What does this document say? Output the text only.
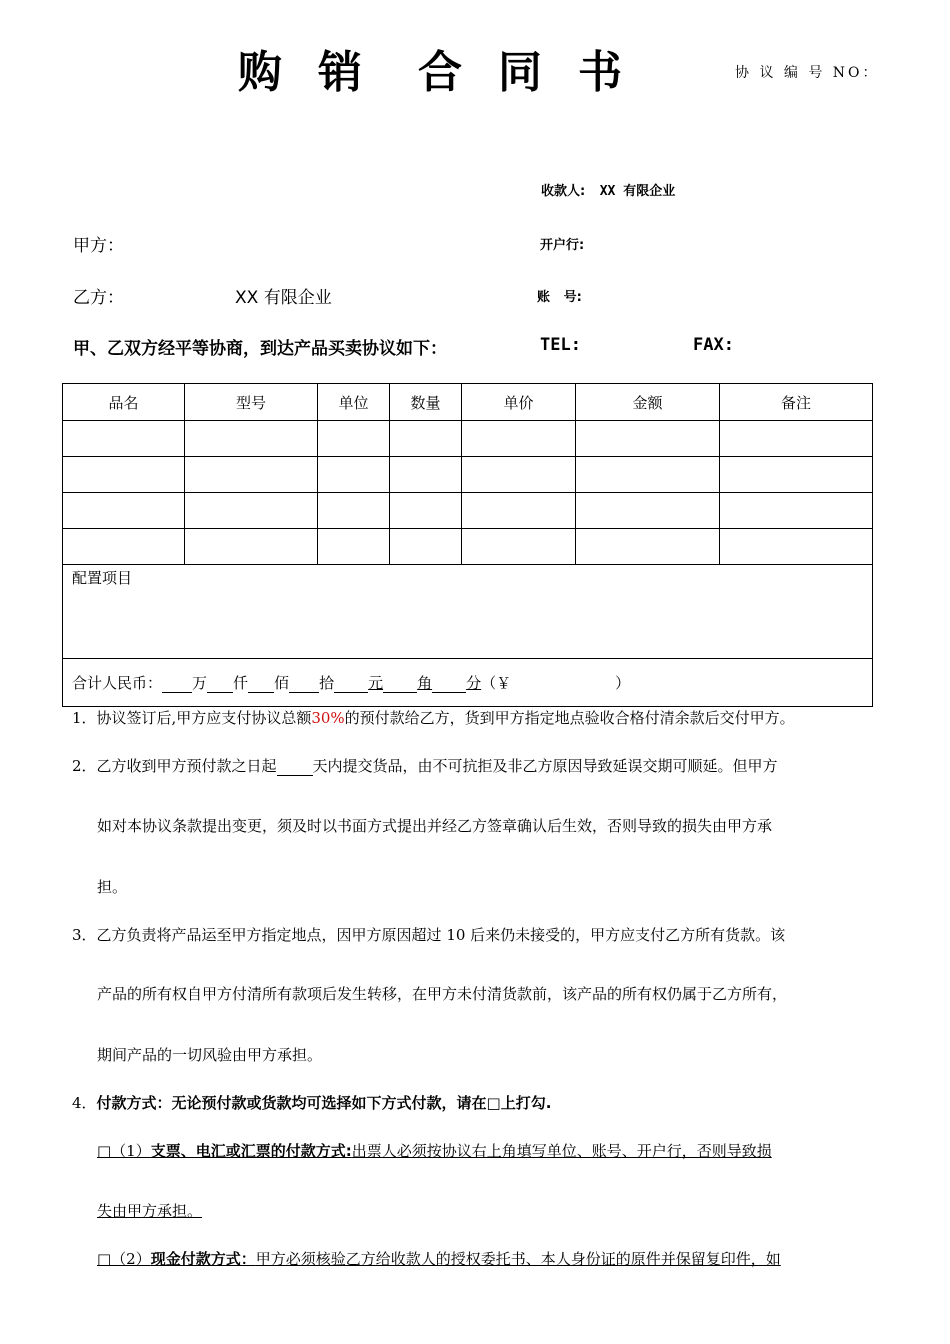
购销 合同书	协 议 编 号 NO：
收款人: XX 有限企业
开户行:
账   号:
甲方：
乙方：	XX 有限企业
甲、乙双方经平等协商，到达产品买卖协议如下：	TEL:	FAX:
品名	型号	单位	数量	单价	金额	备注

配置项目						
合计人民币： 万 仟 佰 拾 元 角 分（￥ ）						
1．协议签订后,甲方应支付协议总额30%的预付款给乙方，货到甲方指定地点验收合格付清余款后交付甲方。
2．乙方收到甲方预付款之日起 天内提交货品，由不可抗拒及非乙方原因导致延误交期可顺延。但甲方
如对本协议条款提出变更，须及时以书面方式提出并经乙方签章确认后生效，否则导致的损失由甲方承
担。
3．乙方负责将产品运至甲方指定地点，因甲方原因超过 10 后来仍未接受的，甲方应支付乙方所有货款。该
产品的所有权自甲方付清所有款项后发生转移，在甲方未付清货款前，该产品的所有权仍属于乙方所有，
期间产品的一切风验由甲方承担。
4．付款方式：无论预付款或货款均可选择如下方式付款，请在□上打勾.
□（1）支票、电汇或汇票的付款方式:出票人必须按协议右上角填写单位、账号、开户行，否则导致损
失由甲方承担。
□（2）现金付款方式：甲方必须核验乙方给收款人的授权委托书、本人身份证的原件并保留复印件，如
